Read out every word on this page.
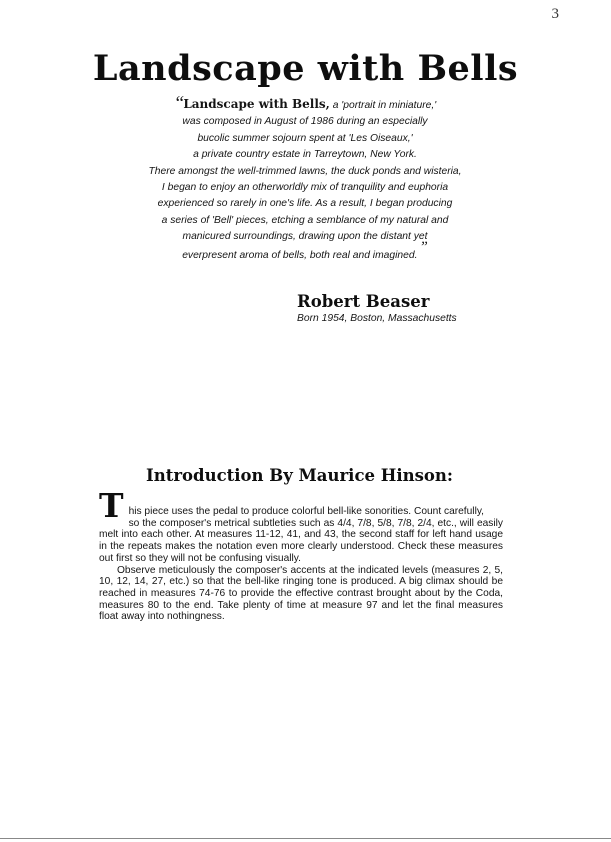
3
Landscape with Bells
“Landscape with Bells, a 'portrait in miniature,'
was composed in August of 1986 during an especially
bucolic summer sojourn spent at 'Les Oiseaux,'
a private country estate in Tarreytown, New York.
There amongst the well-trimmed lawns, the duck ponds and wisteria,
I began to enjoy an otherworldly mix of tranquility and euphoria
experienced so rarely in one's life. As a result, I began producing
a series of 'Bell' pieces, etching a semblance of my natural and
manicured surroundings, drawing upon the distant yet
everpresent aroma of bells, both real and imagined.”
Robert Beaser
Born 1954, Boston, Massachusetts
Introduction By Maurice Hinson:

T his piece uses the pedal to produce colorful bell-like sonorities. Count carefully,
so the composer's metrical subtleties such as 4/4, 7/8, 5/8, 7/8, 2/4, etc., will easily melt into each other. At measures 11-12, 41, and 43, the second staff for left hand usage in the repeats makes the notation even more clearly understood. Check these measures out first so they will not be confusing visually.

Observe meticulously the composer's accents at the indicated levels (measures 2, 5, 10, 12, 14, 27, etc.) so that the bell-like ringing tone is produced. A big climax should be reached in measures 74-76 to provide the effective contrast brought about by the Coda, measures 80 to the end. Take plenty of time at measure 97 and let the final measures float away into nothingness.
